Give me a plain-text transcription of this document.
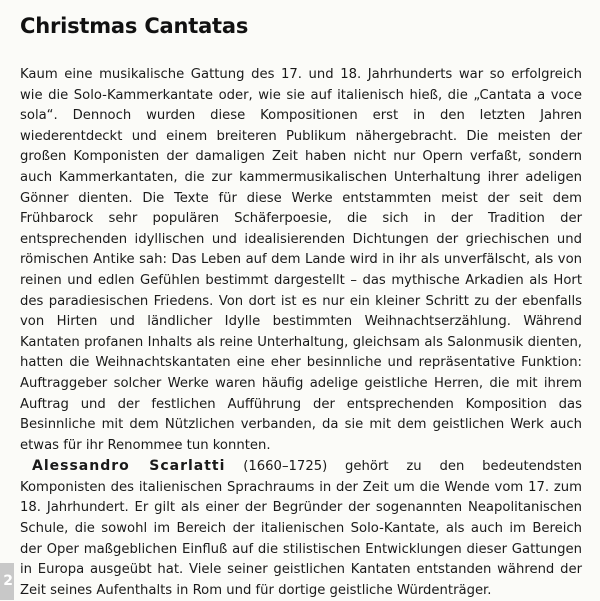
Christmas Cantatas

Kaum eine musikalische Gattung des 17. und 18. Jahrhunderts war so erfolgreich wie die Solo-Kammerkantate oder, wie sie auf italienisch hieß, die „Cantata a voce sola“. Dennoch wurden diese Kompositionen erst in den letzten Jahren wiederentdeckt und einem breiteren Publikum nähergebracht. Die meisten der großen Komponisten der damaligen Zeit haben nicht nur Opern verfaßt, sondern auch Kammerkantaten, die zur kammermusikalischen Unterhaltung ihrer adeligen Gönner dienten. Die Texte für diese Werke entstammten meist der seit dem Frühbarock sehr populären Schäferpoesie, die sich in der Tradition der entsprechenden idyllischen und idealisierenden Dichtungen der griechischen und römischen Antike sah: Das Leben auf dem Lande wird in ihr als unverfälscht, als von reinen und edlen Gefühlen bestimmt dargestellt – das mythische Arkadien als Hort des paradiesischen Friedens. Von dort ist es nur ein kleiner Schritt zu der ebenfalls von Hirten und ländlicher Idylle bestimmten Weihnachtserzählung. Während Kantaten profanen Inhalts als reine Unterhaltung, gleichsam als Salonmusik dienten, hatten die Weihnachtskantaten eine eher besinnliche und repräsentative Funktion: Auftraggeber solcher Werke waren häufig adelige geistliche Herren, die mit ihrem Auftrag und der festlichen Aufführung der entsprechenden Komposition das Besinnliche mit dem Nützlichen verbanden, da sie mit dem geistlichen Werk auch etwas für ihr Renommee tun konnten.

Alessandro Scarlatti (1660–1725) gehört zu den bedeutendsten Komponisten des italienischen Sprachraums in der Zeit um die Wende vom 17. zum 18. Jahrhundert. Er gilt als einer der Begründer der sogenannten Neapolitanischen Schule, die sowohl im Bereich der italienischen Solo-Kantate, als auch im Bereich der Oper maßgeblichen Einfluß auf die stilistischen Entwicklungen dieser Gattungen in Europa ausgeübt hat. Viele seiner geistlichen Kantaten entstanden während der Zeit seines Aufenthalts in Rom und für dortige geistliche Würdenträger.

2
